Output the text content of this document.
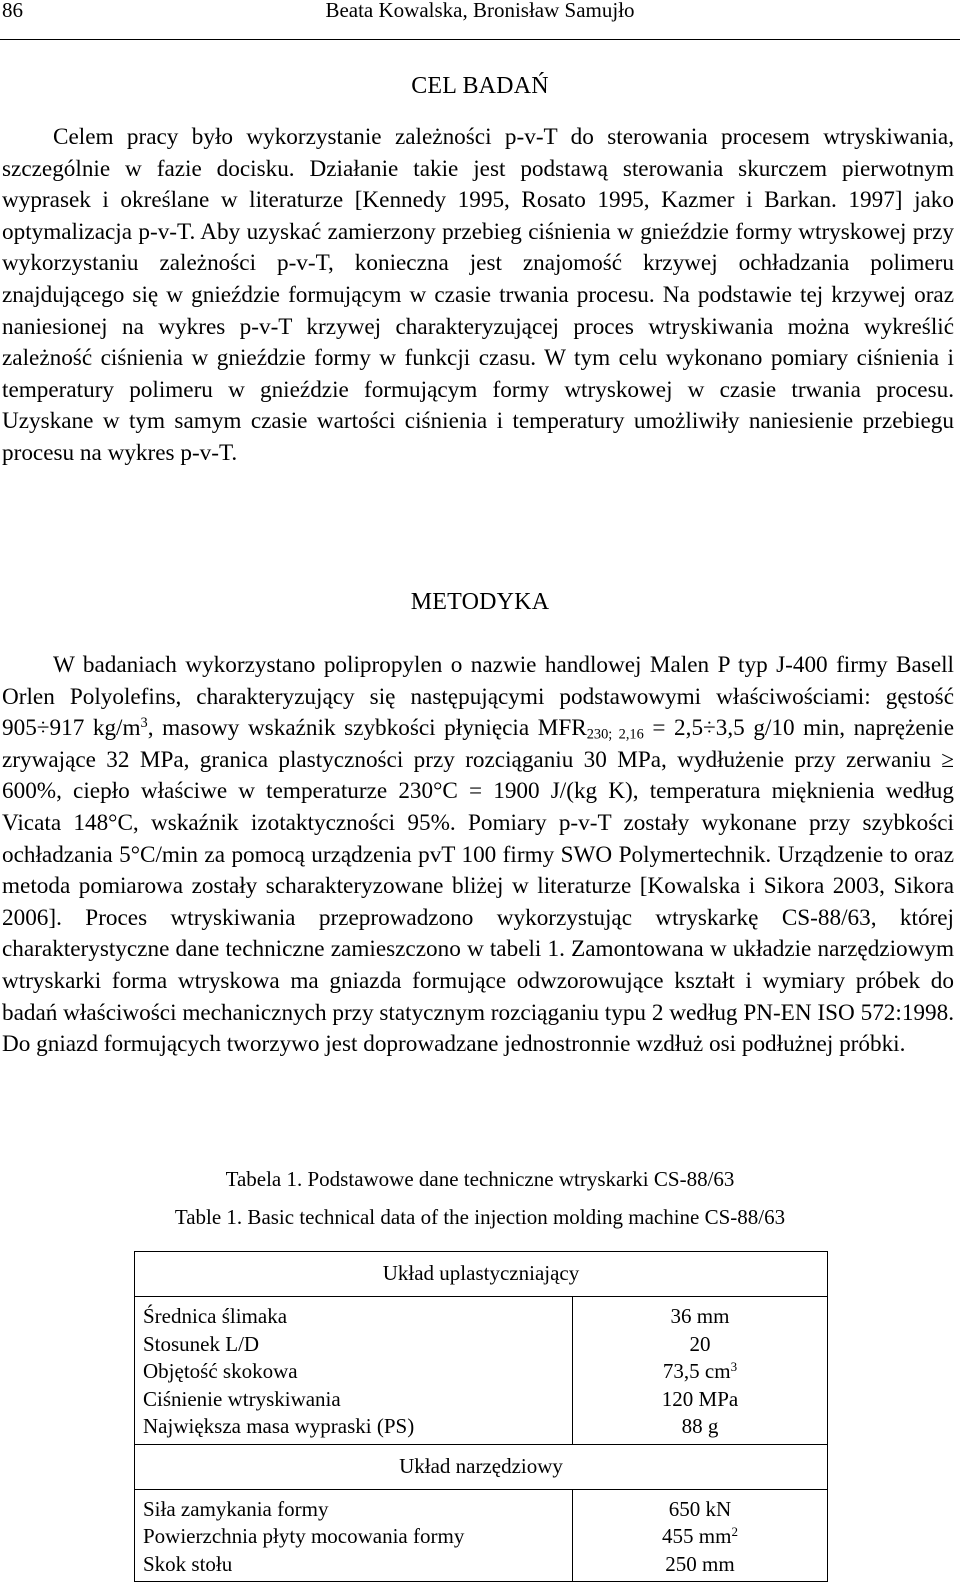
86	Beata Kowalska, Bronisław Samujło
CEL BADAŃ

Celem pracy było wykorzystanie zależności p-v-T do sterowania procesem wtryskiwania, szczególnie w fazie docisku. Działanie takie jest podstawą sterowania skurczem pierwotnym wyprasek i określane w literaturze [Kennedy 1995, Rosato 1995, Kazmer i Barkan. 1997] jako optymalizacja p-v-T. Aby uzyskać zamierzony przebieg ciśnienia w gnieździe formy wtryskowej przy wykorzystaniu zależności p-v-T, konieczna jest znajomość krzywej ochładzania polimeru znajdującego się w gnieździe formującym w czasie trwania procesu. Na podstawie tej krzywej oraz naniesionej na wykres p-v-T krzywej charakteryzującej proces wtryskiwania można wykreślić zależność ciśnienia w gnieździe formy w funkcji czasu. W tym celu wykonano pomiary ciśnienia i temperatury polimeru w gnieździe formującym formy wtryskowej w czasie trwania procesu. Uzyskane w tym samym czasie wartości ciśnienia i temperatury umożliwiły naniesienie przebiegu procesu na wykres p-v-T.

METODYKA

W badaniach wykorzystano polipropylen o nazwie handlowej Malen P typ J-400 firmy Basell Orlen Polyolefins, charakteryzujący się następującymi podstawowymi właściwościami: gęstość 905÷917 $kg/m^3$, masowy wskaźnik szybkości płynięcia $MFR_{230; 2,16} = 2,5\div 3,5$ g/10 min, naprężenie zrywające 32 MPa, granica plastyczności przy rozciąganiu 30 MPa, wydłużenie przy zerwaniu ≥ 600%, ciepło właściwe w temperaturze 230°C = 1900 J/(kg K), temperatura mięknienia według Vicata 148°C, wskaźnik izotaktyczności 95%. Pomiary p-v-T zostały wykonane przy szybkości ochładzania 5°C/min za pomocą urządzenia pvT 100 firmy SWO Polymertechnik. Urządzenie to oraz metoda pomiarowa zostały scharakteryzowane bliżej w literaturze [Kowalska i Sikora 2003, Sikora 2006]. Proces wtryskiwania przeprowadzono wykorzystując wtryskarkę CS-88/63, której charakterystyczne dane techniczne zamieszczono w tabeli 1. Zamontowana w układzie narzędziowym wtryskarki forma wtryskowa ma gniazda formujące odwzorowujące kształt i wymiary próbek do badań właściwości mechanicznych przy statycznym rozciąganiu typu 2 według PN-EN ISO 572:1998. Do gniazd formujących tworzywo jest doprowadzane jednostronnie wzdłuż osi podłużnej próbki.

Tabela 1. Podstawowe dane techniczne wtryskarki CS-88/63
Table 1. Basic technical data of the injection molding machine CS-88/63
Układ uplastyczniający	
Średnica ślimaka	36 mm
Stosunek L/D	20
Objętość skokowa	73,5 $cm^3$
Ciśnienie wtryskiwania	120 MPa
Największa masa wypraski (PS)	88 g
Układ narzędziowy	
Siła zamykania formy	650 kN
Powierzchnia płyty mocowania formy	455 $mm^2$
Skok stołu	250 mm
